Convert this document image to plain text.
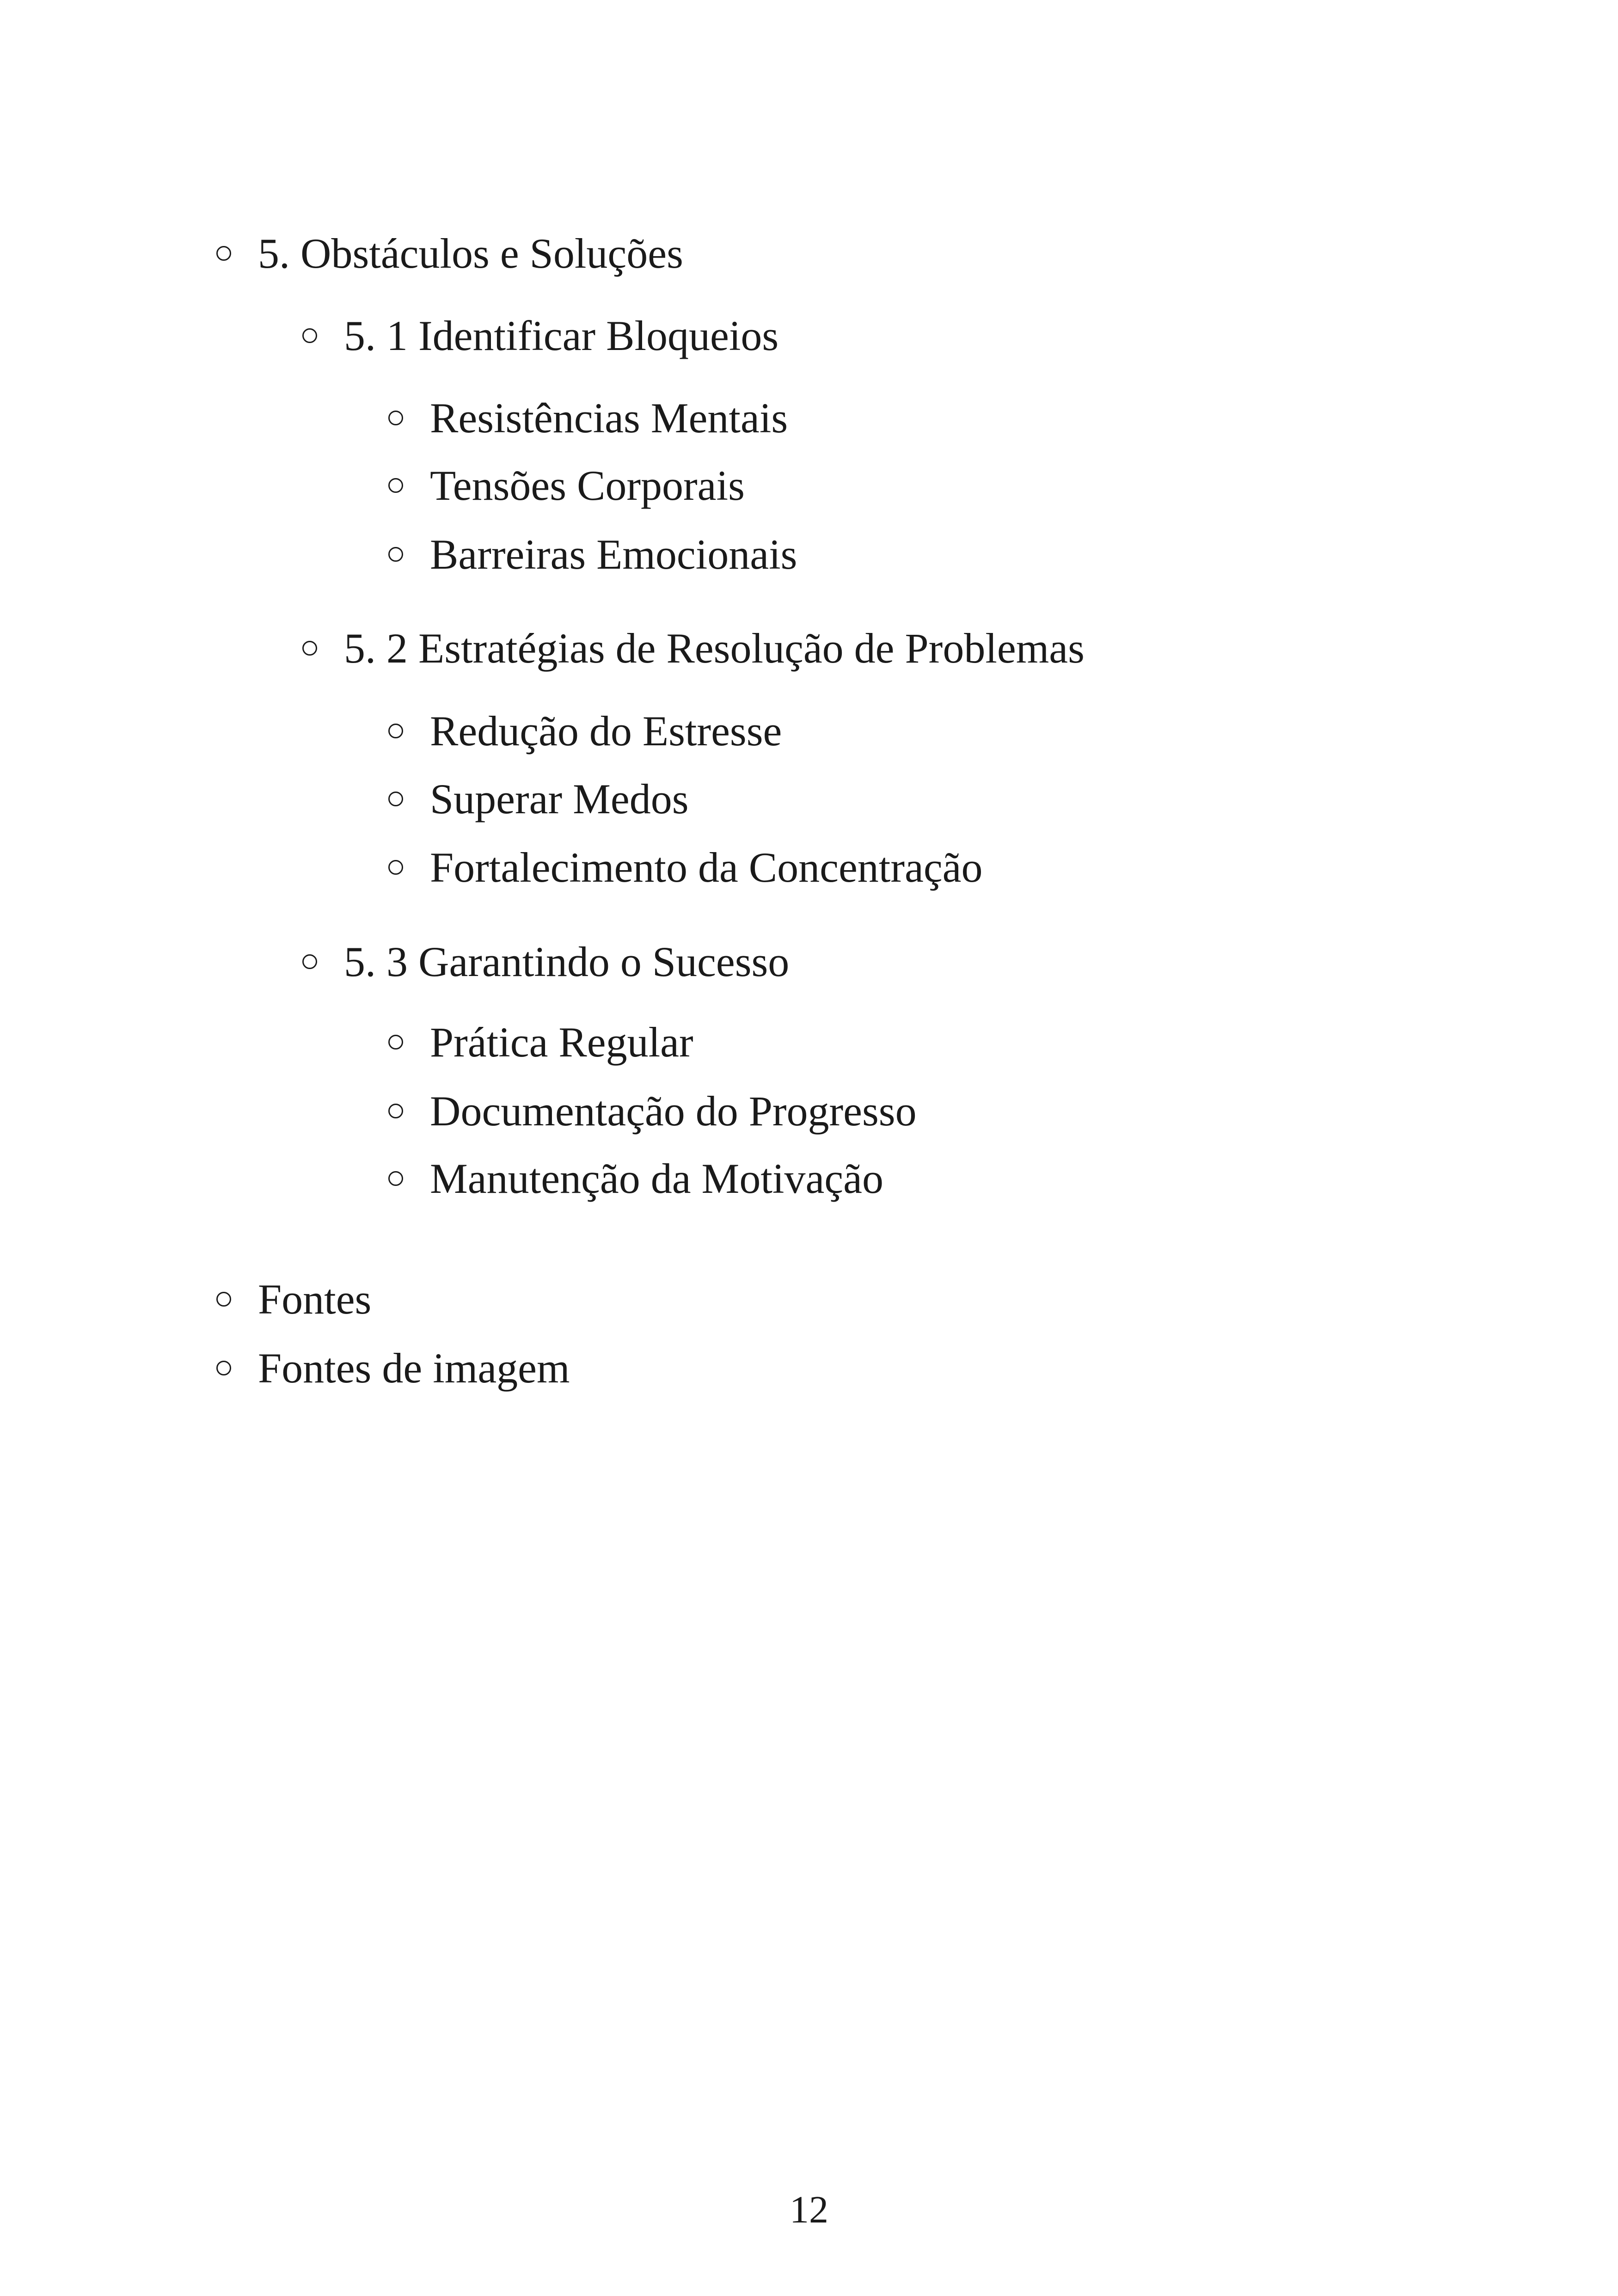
5. Obstáculos e Soluções
5. 1 Identificar Bloqueios
Resistências Mentais
Tensões Corporais
Barreiras Emocionais
5. 2 Estratégias de Resolução de Problemas
Redução do Estresse
Superar Medos
Fortalecimento da Concentração
5. 3 Garantindo o Sucesso
Prática Regular
Documentação do Progresso
Manutenção da Motivação
Fontes
Fontes de imagem
12
